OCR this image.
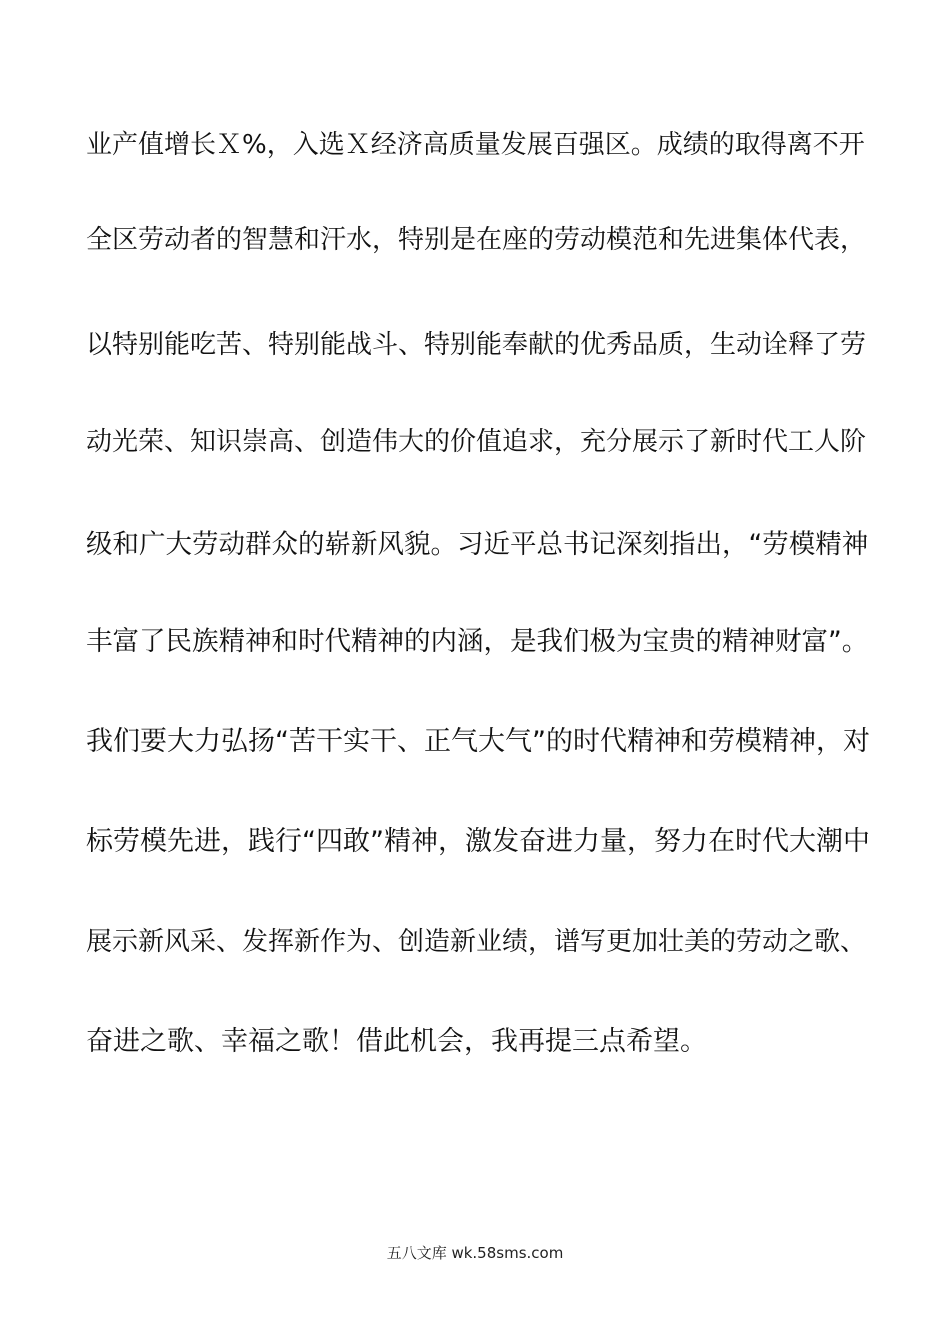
业产值增长Ｘ%，入选Ｘ经济高质量发展百强区。成绩的取得离不开
全区劳动者的智慧和汗水，特别是在座的劳动模范和先进集体代表，
以特别能吃苦、特别能战斗、特别能奉献的优秀品质，生动诠释了劳
动光荣、知识崇高、创造伟大的价值追求，充分展示了新时代工人阶
级和广大劳动群众的崭新风貌。习近平总书记深刻指出，“劳模精神
丰富了民族精神和时代精神的内涵，是我们极为宝贵的精神财富”。
我们要大力弘扬“苦干实干、正气大气”的时代精神和劳模精神，对
标劳模先进，践行“四敢”精神，激发奋进力量，努力在时代大潮中
展示新风采、发挥新作为、创造新业绩，谱写更加壮美的劳动之歌、
奋进之歌、幸福之歌！借此机会，我再提三点希望。
五八文库 wk.58sms.com
